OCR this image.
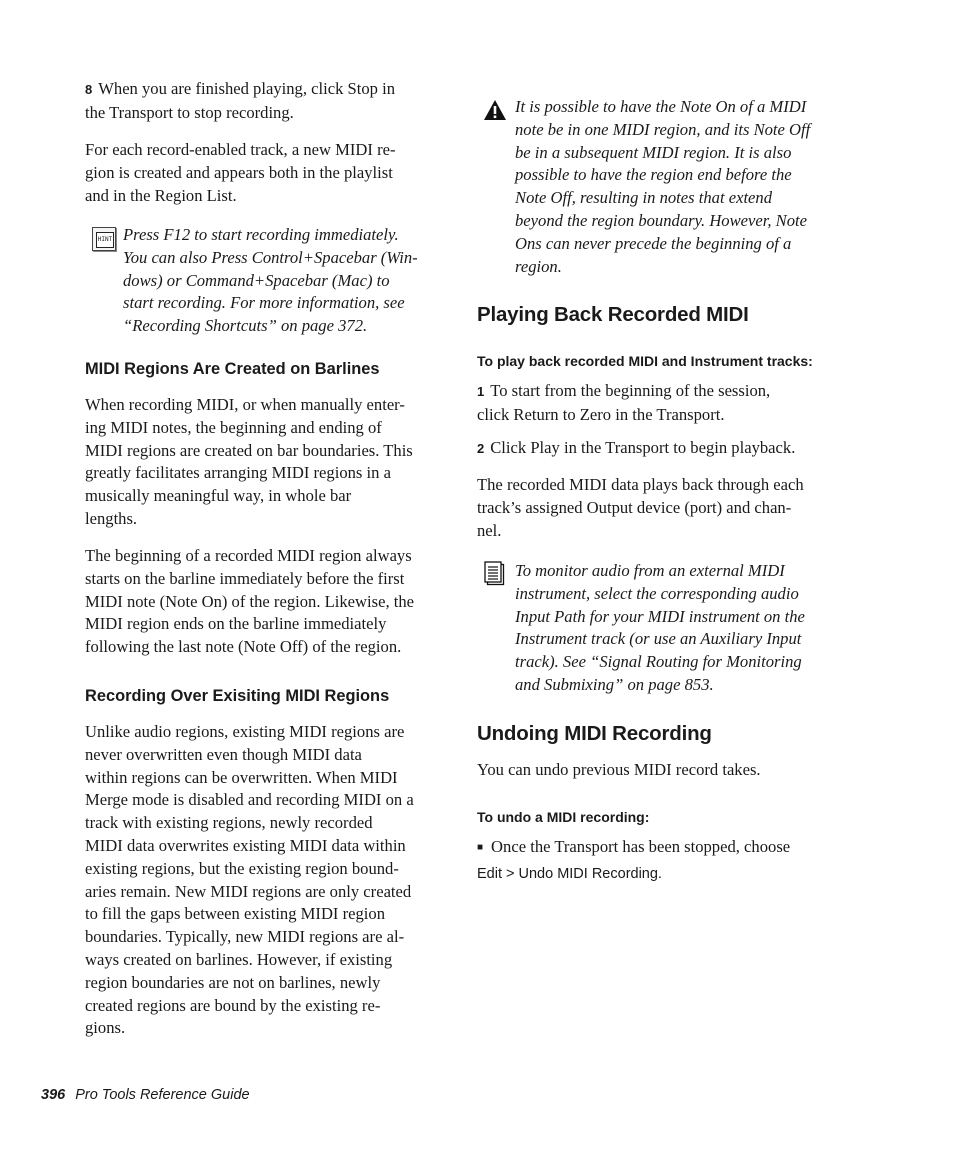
8 When you are finished playing, click Stop in
the Transport to stop recording.

For each record-enabled track, a new MIDI re-
gion is created and appears both in the playlist
and in the Region List.

HINT Press F12 to start recording immediately.
You can also Press Control+Spacebar (Win-
dows) or Command+Spacebar (Mac) to
start recording. For more information, see
“Recording Shortcuts” on page 372.

MIDI Regions Are Created on Barlines

When recording MIDI, or when manually enter-
ing MIDI notes, the beginning and ending of
MIDI regions are created on bar boundaries. This
greatly facilitates arranging MIDI regions in a
musically meaningful way, in whole bar
lengths.

The beginning of a recorded MIDI region always
starts on the barline immediately before the first
MIDI note (Note On) of the region. Likewise, the
MIDI region ends on the barline immediately
following the last note (Note Off) of the region.

Recording Over Exisiting MIDI Regions

Unlike audio regions, existing MIDI regions are
never overwritten even though MIDI data
within regions can be overwritten. When MIDI
Merge mode is disabled and recording MIDI on a
track with existing regions, newly recorded
MIDI data overwrites existing MIDI data within
existing regions, but the existing region bound-
aries remain. New MIDI regions are only created
to fill the gaps between existing MIDI region
boundaries. Typically, new MIDI regions are al-
ways created on barlines. However, if existing
region boundaries are not on barlines, newly
created regions are bound by the existing re-
gions.

It is possible to have the Note On of a MIDI
note be in one MIDI region, and its Note Off
be in a subsequent MIDI region. It is also
possible to have the region end before the
Note Off, resulting in notes that extend
beyond the region boundary. However, Note
Ons can never precede the beginning of a
region.

Playing Back Recorded MIDI
To play back recorded MIDI and Instrument tracks:

1 To start from the beginning of the session,
click Return to Zero in the Transport.

2 Click Play in the Transport to begin playback.

The recorded MIDI data plays back through each
track’s assigned Output device (port) and chan-
nel.

To monitor audio from an external MIDI
instrument, select the corresponding audio
Input Path for your MIDI instrument on the
Instrument track (or use an Auxiliary Input
track). See “Signal Routing for Monitoring
and Submixing” on page 853.

Undoing MIDI Recording

You can undo previous MIDI record takes.

To undo a MIDI recording:

■ Once the Transport has been stopped, choose
Edit > Undo MIDI Recording.

396 Pro Tools Reference Guide
